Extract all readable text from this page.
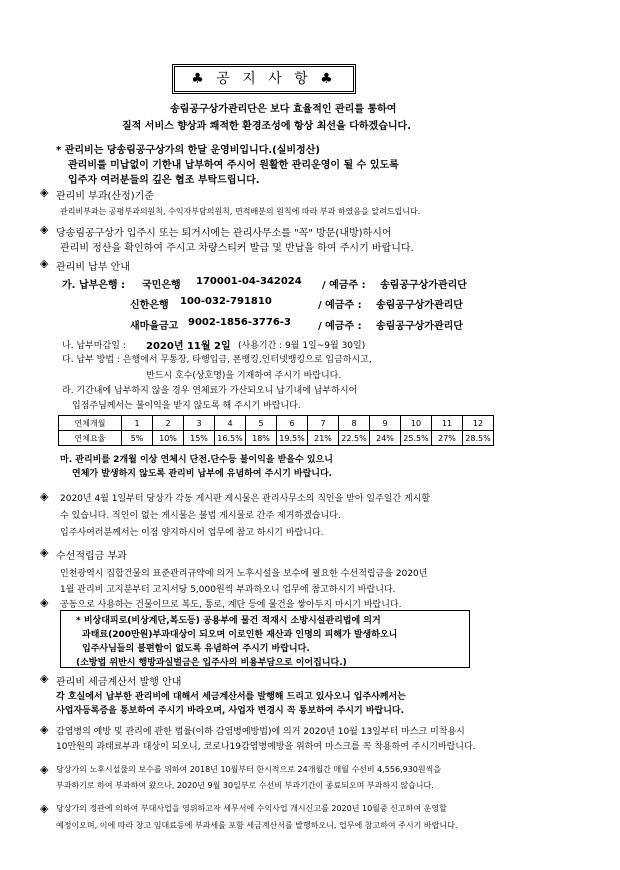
♣ 공 지 사 항 ♣
송림공구상가관리단은 보다 효율적인 관리를 통하여
질적 서비스 향상과 쾌적한 환경조성에 항상 최선을 다하겠습니다.
* 관리비는 당송림공구상가의 한달 운영비입니다.(실비정산)
관리비를 미납없이 기한내 납부하여 주시어 원활한 관리운영이 될 수 있도록
입주자 여러분들의 깊은 협조 부탁드립니다.
◈ 관리비 부과(산정)기준
관리비부과는 공평부과의원칙, 수익자부담의원칙, 면적배분의 원칙에 따라 부과 하였음을 알려드립니다.
◈ 당송림공구상가 입주시 또는 퇴거시에는 관리사무소를 "꼭" 방문(내방)하시어
관리비 정산을 확인하여 주시고 차량스티커 발급 및 반납을 하여 주시기 바랍니다.
◈ 관리비 납부 안내
가. 납부은행 : 국민은행 170001-04-342024 / 예금주 : 송림공구상가관리단
신한은행 100-032-791810	/ 예금주 : 송림공구상가관리단
새마을금고 9002-1856-3776-3	/ 예금주 : 송림공구상가관리단
나. 납부마감일 : 2020년 11월 2일 (사용기간 : 9월 1일~9월 30일)
다. 납부 방법 : 은행에서 무통장, 타행입금, 폰뱅킹,인터넷뱅킹으로 입금하시고,
반드시 호수(상호명)을 기재하여 주시기 바랍니다.
라. 기간내에 납부하지 않을 경우 연체료가 가산되오니 납기내에 납부하시어
입점주님께서는 불이익을 받지 않도록 해 주시기 바랍니다.
연체개월	1	2	3	4	5	6	7	8	9	10	11	12
연체요율	5%	10%	15%	16.5%	18%	19.5%	21%	22.5%	24%	25.5%	27%	28.5%
마. 관리비를 2개월 이상 연체시 단전.단수등 불이익을 받을수 있으니
연체가 발생하지 않도록 관리비 납부에 유념하여 주시기 바랍니다.
◈ 2020년 4월 1일부터 당상가 각동 게시판 게시물은 관리사무소의 직인을 받아 일주일간 게시할
수 있습니다. 직인이 없는 게시물은 불법 게시물로 간주 제거하겠습니다.
입주사여러분께서는 이점 양지하시어 업무에 참고 하시기 바랍니다.
◈ 수선적립금 부과
인천광역시 집합건물의 표준관리규약에 의거 노후시설을 보수에 필요한 수선적립금을 2020년
1월 관리비 고지분부터 고지서당 5,000원씩 부과하오니 업무에 참고하시기 바랍니다.
◈ 공동으로 사용하는 건물이므로 복도, 통로, 계단 등에 물건을 쌓아두지 마시기 바랍니다.
* 비상대피로(비상계단,복도등) 공용부에 물건 적재시 소방시설관리법에 의거
과태료(200만원)부과대상이 되오며 이로인한 재산과 인명의 피해가 발생하오니
입주사님들의 불편함이 없도록 유념하여 주시기 바랍니다.
(소방법 위반시 행방과실벌금은 입주사의 비용부담으로 이어집니다.)
◈ 관리비 세금계산서 발행 안내
각 호실에서 납부한 관리비에 대해서 세금계산서를 발행해 드리고 있사오니 입주사께서는
사업자등록증을 통보하여 주시기 바라오며, 사업자 변경시 꼭 통보하여 주시기 바랍니다.
◈ 감염병의 예방 및 관리에 관한 법률(이하 감염병예방법)에 의거 2020년 10월 13일부터 마스크 미착용시
10만원의 과태료부과 대상이 되오니, 코로나19감염병예방을 위하여 마스크를 꼭 착용하여 주시기바랍니다.
◈ 당상가의 노후시설물의 보수를 위하여 2018년 10월부터 한시적으로 24개월간 매월 수선비 4,556,930원씩을
부과하기로 하여 부과하여 왔으나, 2020년 9월 30일부로 수선비 부과기간이 종료되오며 부과하지 않습니다.
◈ 당상가의 정관에 의하여 부대사업을 영위하고자 세무서에 수익사업 개시신고를 2020년 10월중 신고하여 운영할
예정이오며, 이에 따라 창고 임대료등에 부과세를 포함 세금계산서를 발행하오니, 업무에 참고하여 주시기 바랍니다.
